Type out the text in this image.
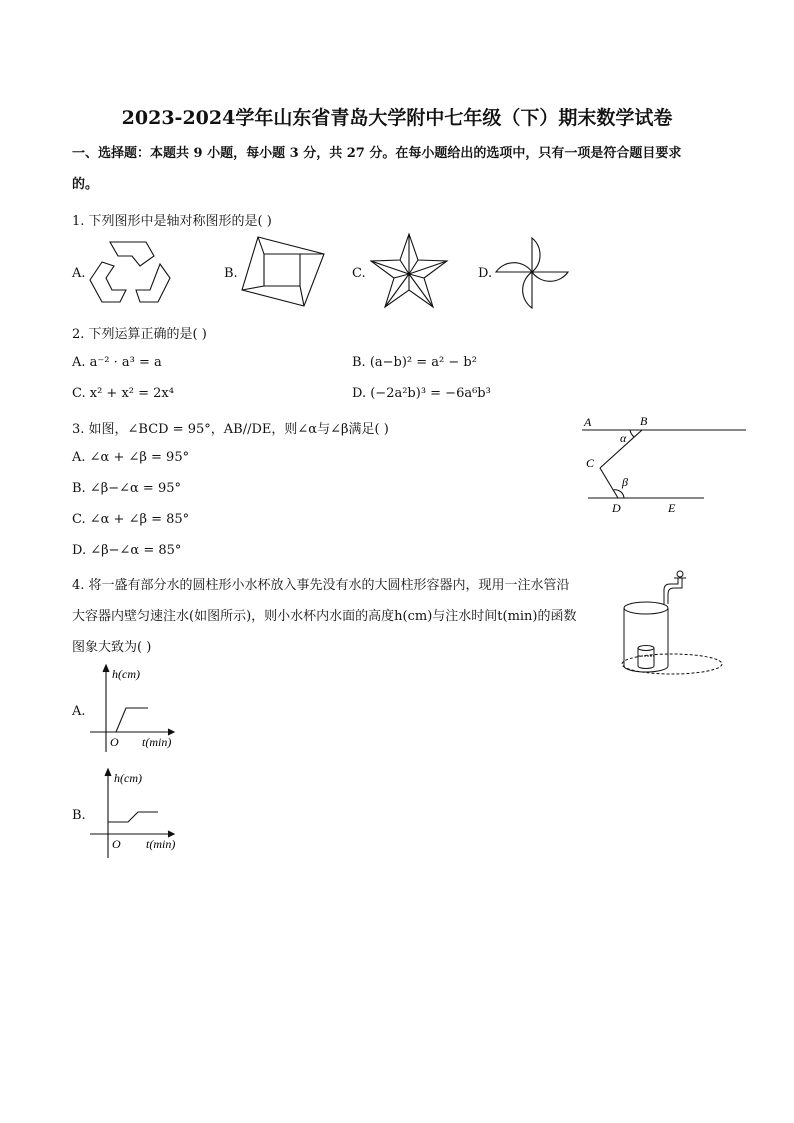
2023-2024学年山东省青岛大学附中七年级（下）期末数学试卷
一、选择题：本题共 9 小题，每小题 3 分，共 27 分。在每小题给出的选项中，只有一项是符合题目要求
的。
1. 下列图形中是轴对称图形的是( )
A.	B.	C.	D.
2. 下列运算正确的是( )
A. a⁻² · a³ = a	B. (a−b)² = a² − b²
C. x² + x² = 2x⁴	D. (−2a²b)³ = −6a⁶b³
3. 如图，∠BCD = 95°，AB//DE，则∠α与∠β满足( )
A. ∠α + ∠β = 95°
B. ∠β−∠α = 95°
C. ∠α + ∠β = 85°
D. ∠β−∠α = 85°
A	B
α
C
β
D	E
4. 将一盛有部分水的圆柱形小水杯放入事先没有水的大圆柱形容器内，现用一注水管沿
大容器内壁匀速注水(如图所示)，则小水杯内水面的高度h(cm)与注水时间t(min)的函数
图象大致为( )
A.
h(cm)
O t(min)
B.
h(cm)
O t(min)
